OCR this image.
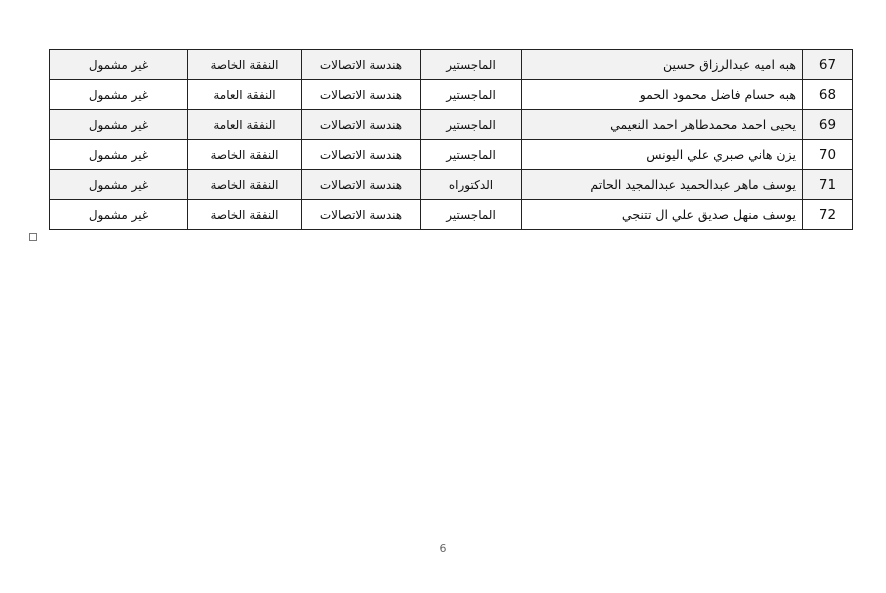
غير مشمول	النفقة الخاصة	هندسة الاتصالات	الماجستير	هبه اميه عبدالرزاق حسين	67
غير مشمول	النفقة العامة	هندسة الاتصالات	الماجستير	هبه حسام فاضل محمود الحمو	68
غير مشمول	النفقة العامة	هندسة الاتصالات	الماجستير	يحيى احمد محمدطاهر احمد النعيمي	69
غير مشمول	النفقة الخاصة	هندسة الاتصالات	الماجستير	يزن هاني صبري علي اليونس	70
غير مشمول	النفقة الخاصة	هندسة الاتصالات	الدكتوراه	يوسف ماهر عبدالحميد عبدالمجيد الحاتم	71
غير مشمول	النفقة الخاصة	هندسة الاتصالات	الماجستير	يوسف منهل صديق علي ال تتنجي	72
6
